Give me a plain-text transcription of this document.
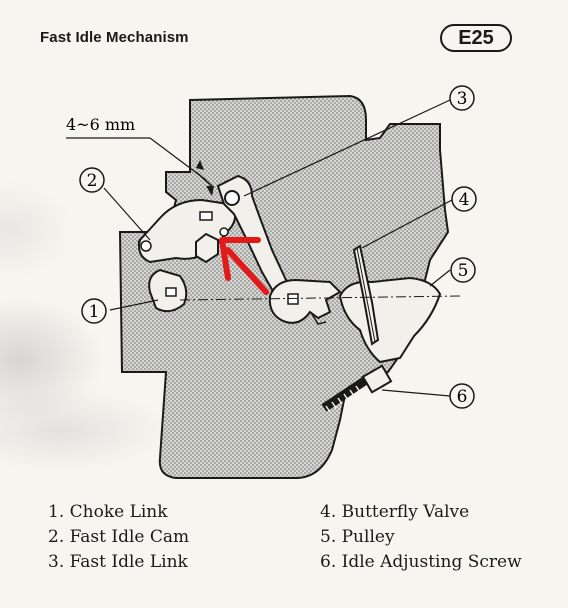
Fast Idle Mechanism	E25
4~6 mm
1
2
3
4
5
6
1. Choke Link
2. Fast Idle Cam
3. Fast Idle Link
4. Butterfly Valve
5. Pulley
6. Idle Adjusting Screw
